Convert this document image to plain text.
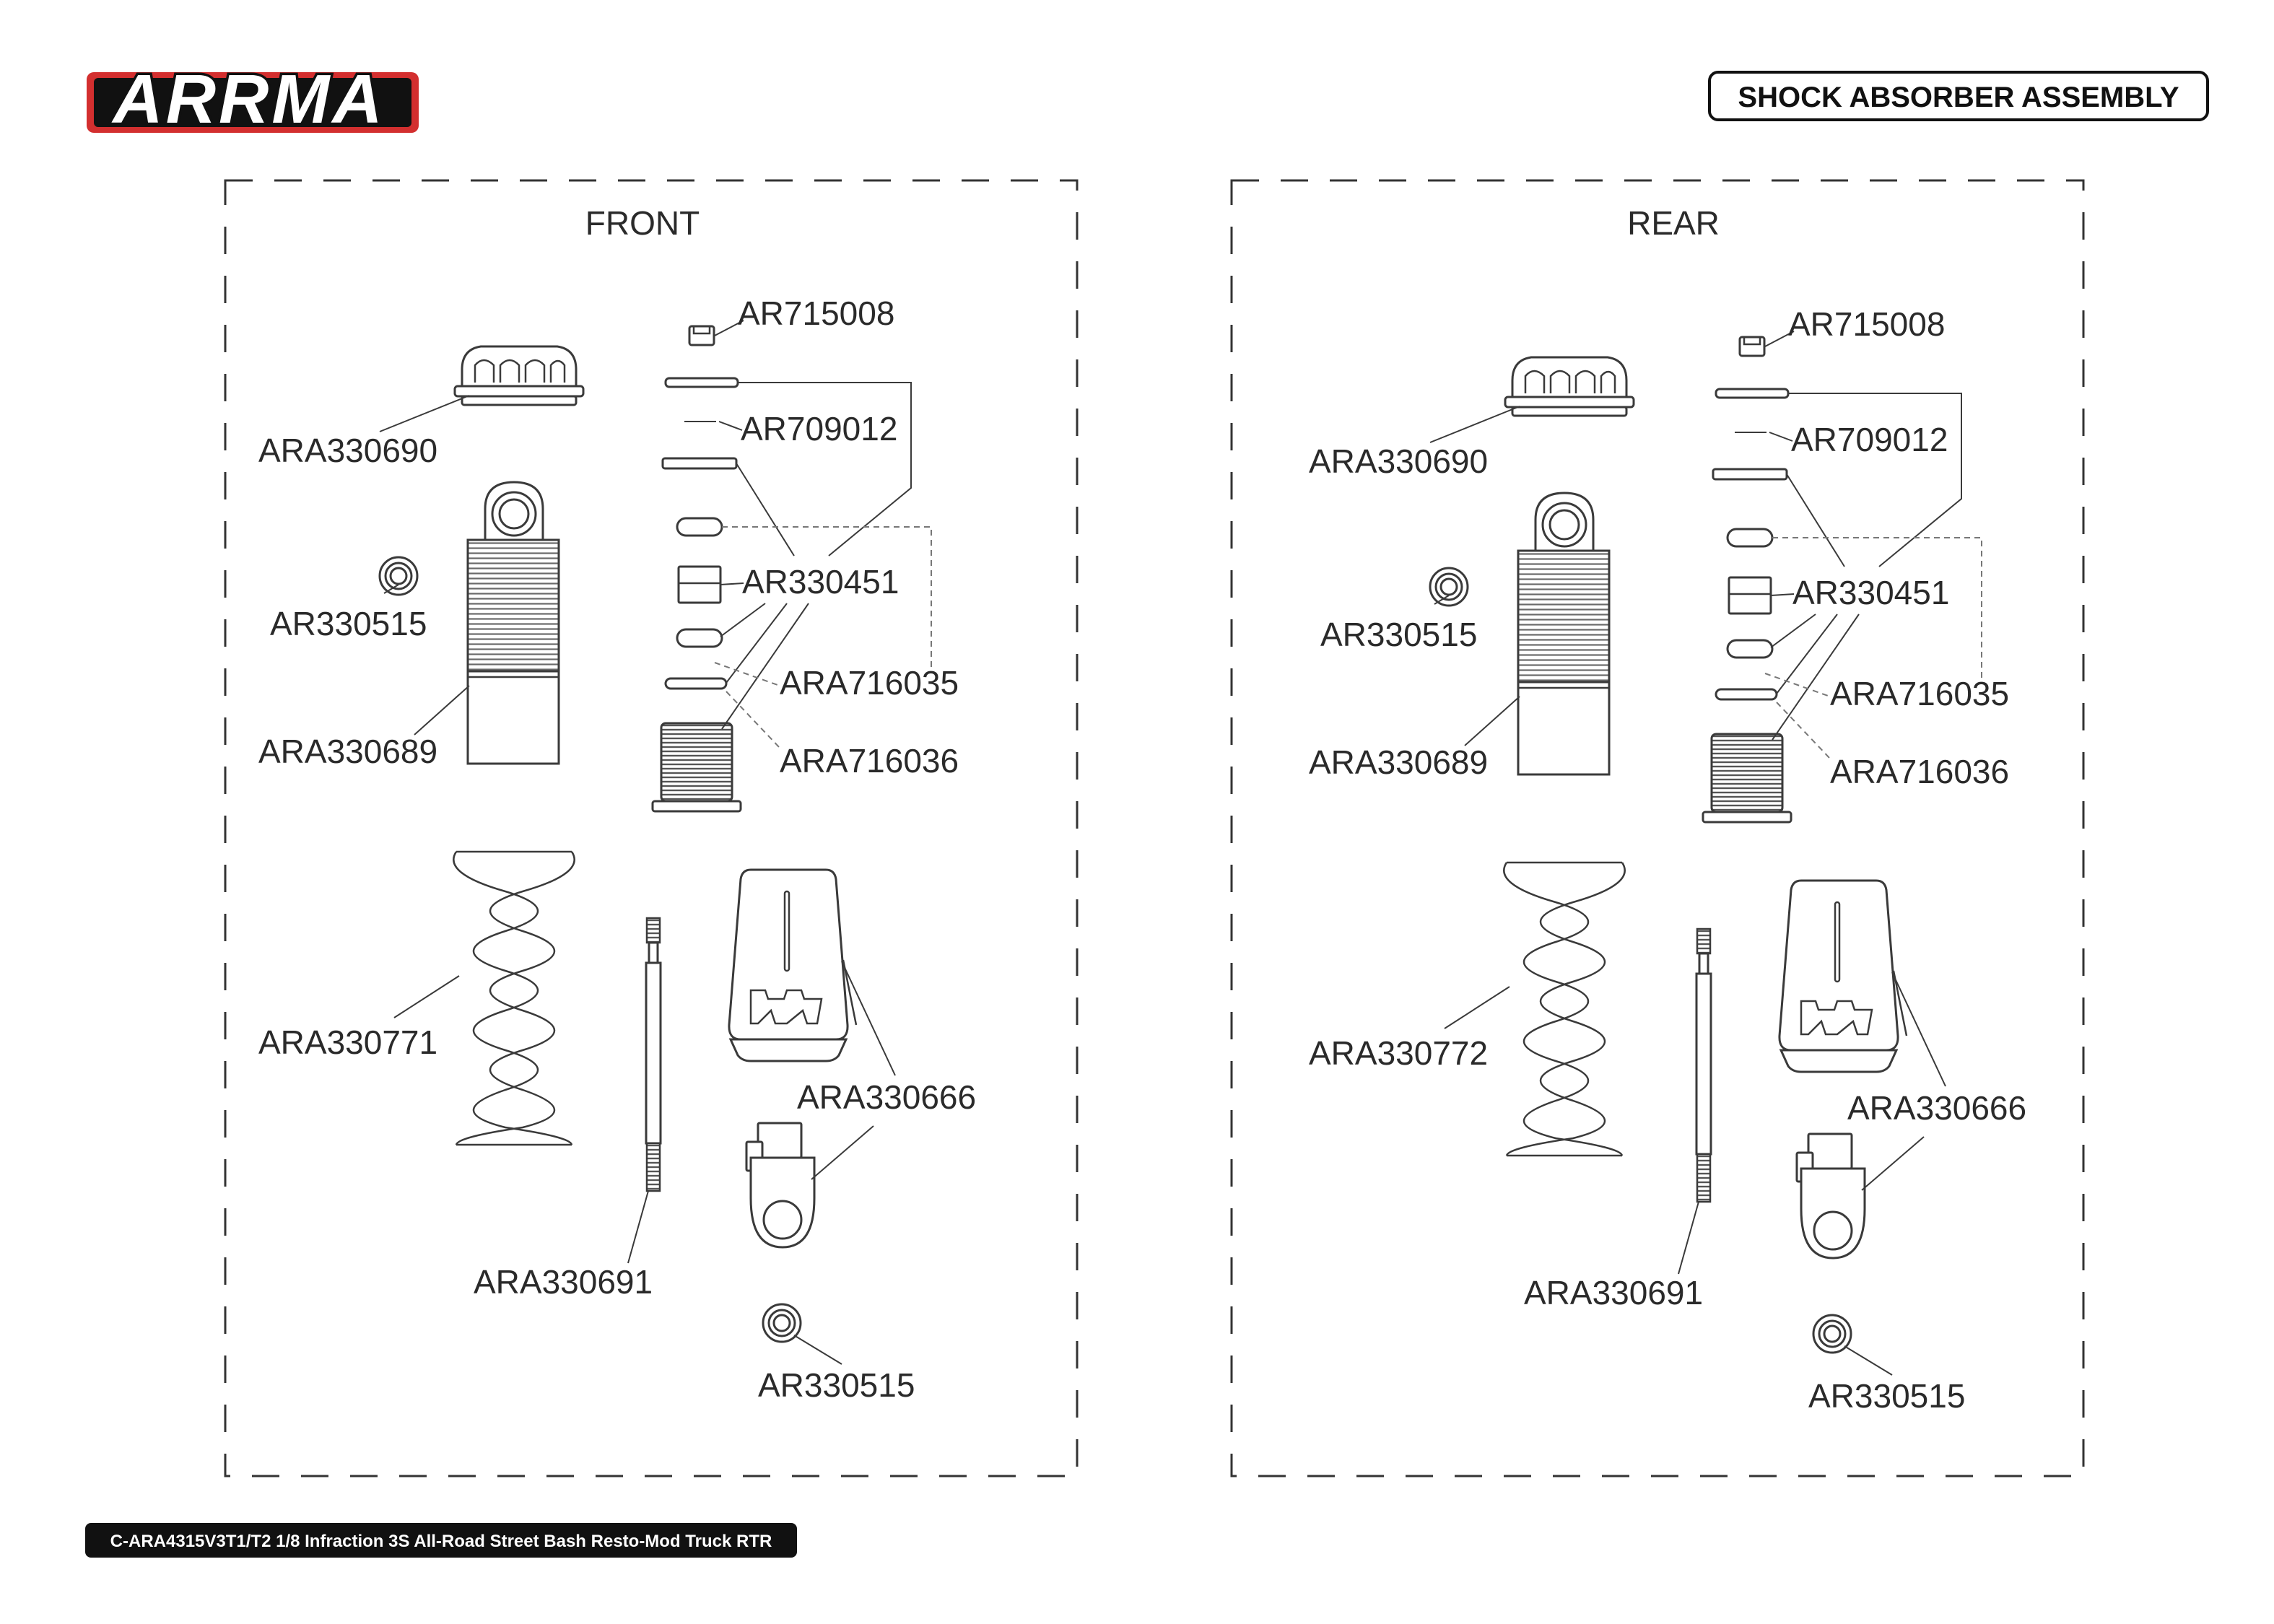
ARRMA	SHOCK ABSORBER ASSEMBLY
FRONT
AR715008
ARA330690
AR709012
AR330451
AR330515
ARA716035
ARA330689	ARA716036
ARA330771
ARA330666
ARA330691
AR330515
REAR
AR715008
ARA330690
AR709012
AR330451
AR330515
ARA716035
ARA330689	ARA716036
ARA330772
ARA330666
ARA330691
AR330515
C-ARA4315V3T1/T2 1/8 Infraction 3S All-Road Street Bash Resto-Mod Truck RTR
